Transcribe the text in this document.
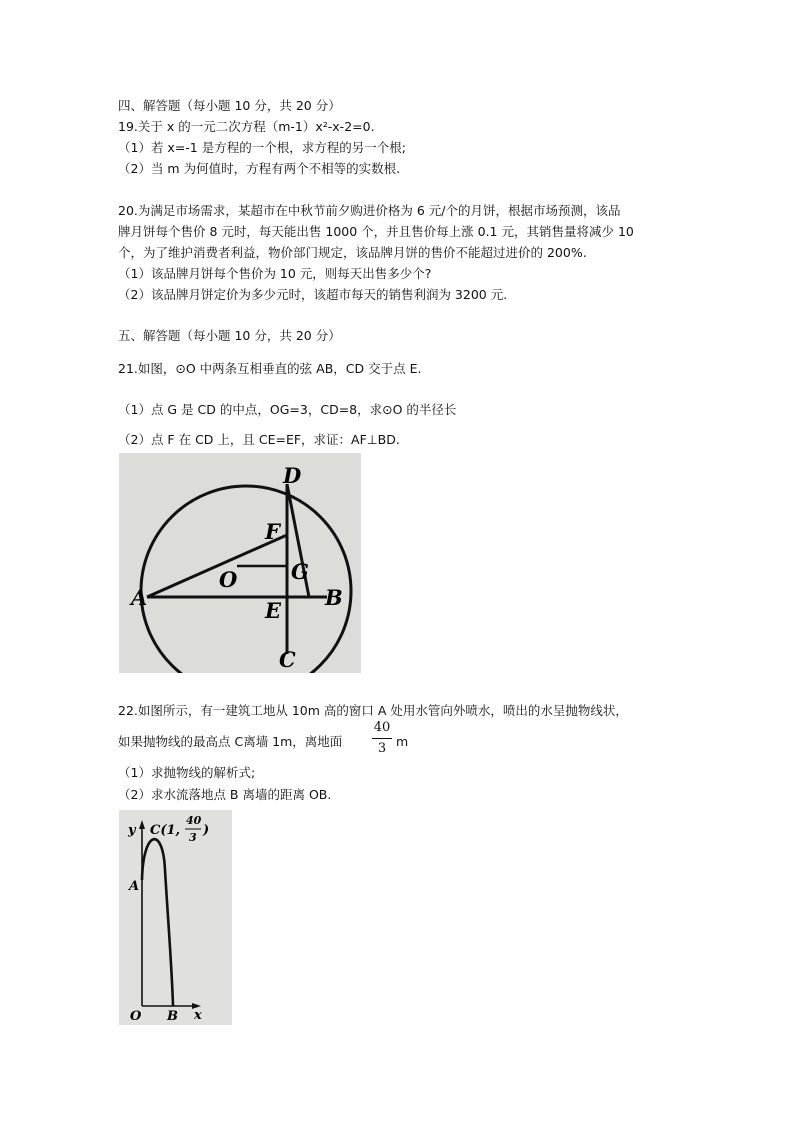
四、解答题（每小题 10 分，共 20 分）
19.关于 x 的一元二次方程（m-1）x²-x-2=0.
（1）若 x=-1 是方程的一个根，求方程的另一个根;
（2）当 m 为何值时，方程有两个不相等的实数根.
20.为满足市场需求，某超市在中秋节前夕购进价格为 6 元/个的月饼，根据市场预测，该品
牌月饼每个售价 8 元时，每天能出售 1000 个，并且售价每上涨 0.1 元，其销售量将减少 10
个，为了维护消费者利益，物价部门规定，该品牌月饼的售价不能超过进价的 200%.
（1）该品牌月饼每个售价为 10 元，则每天出售多少个?
（2）该品牌月饼定价为多少元时，该超市每天的销售利润为 3200 元.
五、解答题（每小题 10 分，共 20 分）
21.如图，⊙O 中两条互相垂直的弦 AB，CD 交于点 E.
（1）点 G 是 CD 的中点，OG=3，CD=8，求⊙O 的半径长
（2）点 F 在 CD 上，且 CE=EF，求证：AF⊥BD.
D
F
O	G
A
E
B
C
22.如图所示，有一建筑工地从 10m 高的窗口 A 处用水管向外喷水，喷出的水呈抛物线状，
如果抛物线的最高点 C离墙 1m，离地面
40
3 m
（1）求抛物线的解析式;
（2）求水流落地点 B 离墙的距离 OB.
y C(1,
40
3 )
A
O B x
